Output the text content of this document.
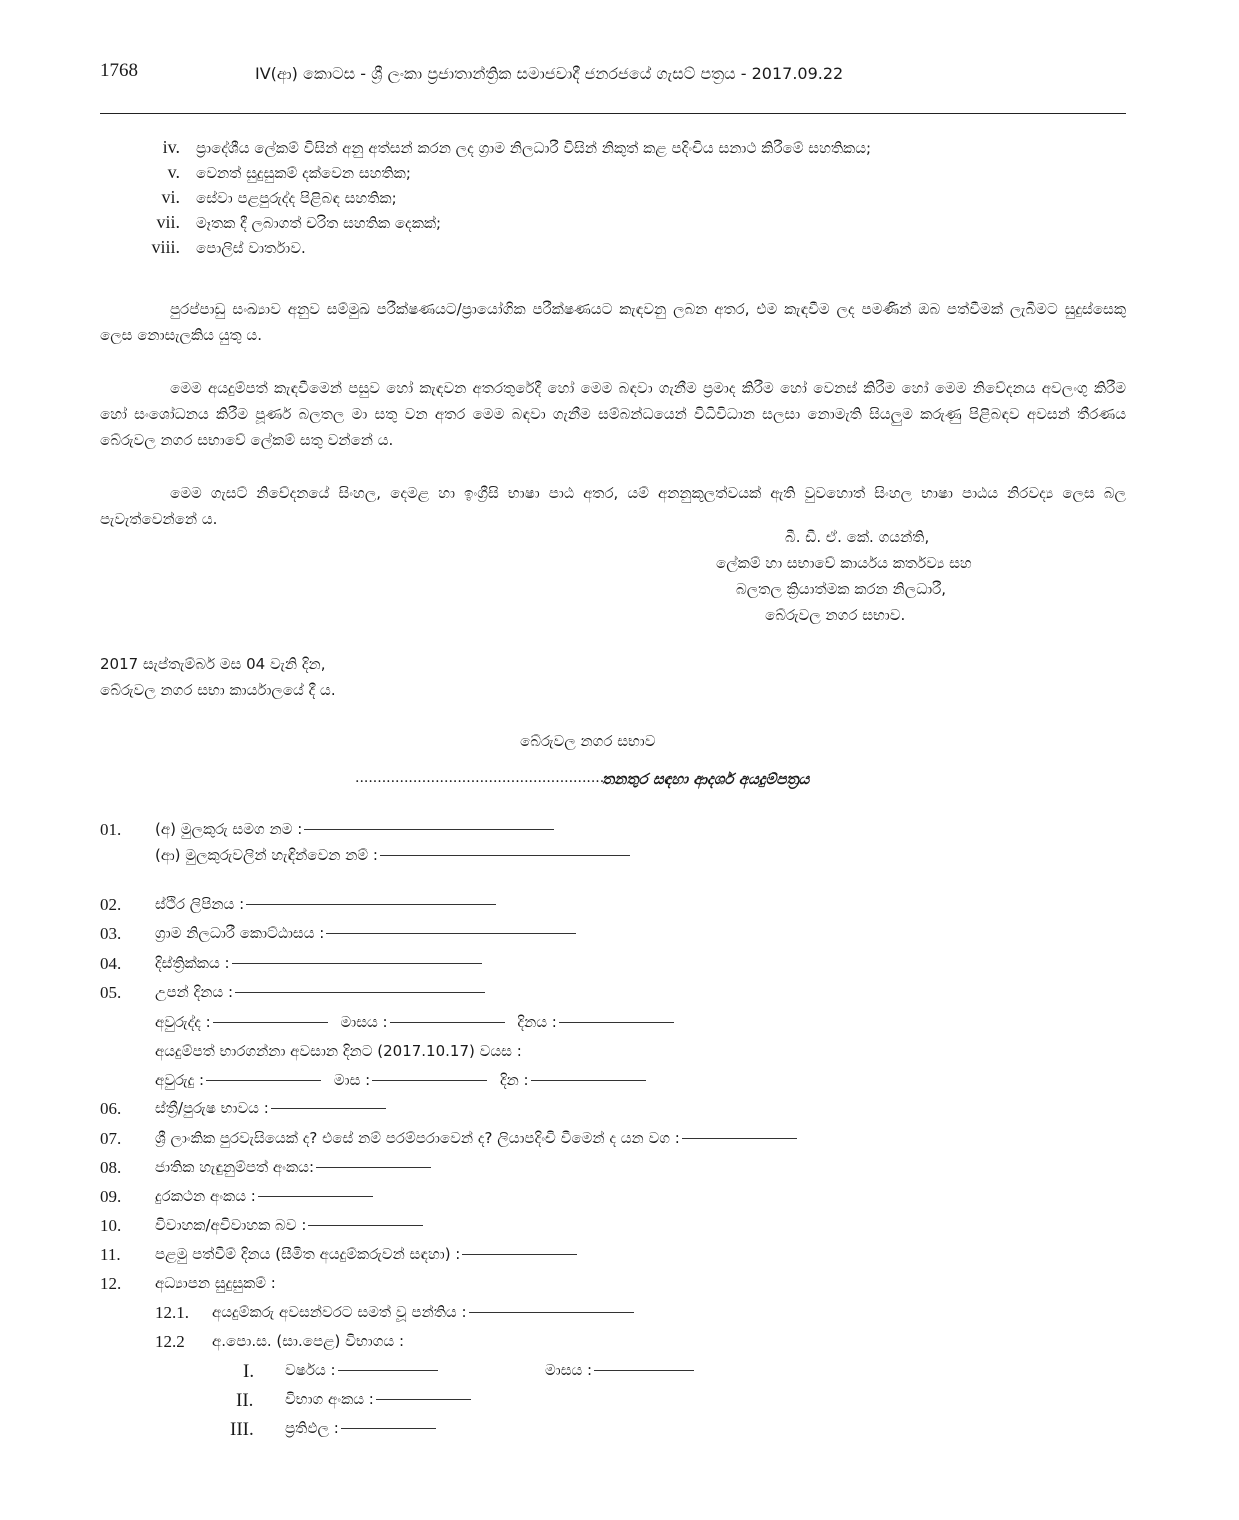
1768	IV(ආ) කොටස - ශ්‍රී ලංකා ප්‍රජාතාන්ත්‍රික සමාජවාදී ජනරජයේ ගැසට් පත්‍රය - 2017.09.22
iv. ප්‍රාදේශීය ලේකම් විසින් අනු අත්සන් කරන ලද ග්‍රාම නිලධාරී විසින් නිකුත් කළ පදිංචිය සනාථ කිරීමේ සහතිකය;
v. වෙනත් සුදුසුකම් දක්වෙන සහතික;
vi. සේවා පළපුරුද්ද පිළිබඳ සහතික;
vii. මෑතක දී ලබාගත් චරිත සහතික දෙකක්;
viii. පොලිස් වාර්තාව.
පුරප්පාඩු සංඛ්‍යාව අනුව සම්මුඛ පරීක්ෂණයට/ප්‍රායෝගික පරීක්ෂණයට කැඳවනු ලබන අතර, එම කැඳවීම ලද පමණින් ඔබ පත්වීමක් ලැබීමට සුදුස්සෙකු ලෙස නොසැලකිය යුතු ය.
මෙම අයදුම්පත් කැඳවීමෙන් පසුව හෝ කැඳවන අතරතුරේදී හෝ මෙම බඳවා ගැනීම ප්‍රමාද කිරීම හෝ වෙනස් කිරීම හෝ මෙම නිවේදනය අවලංගු කිරීම හෝ සංශෝධනය කිරීම පූර්ණ බලතල මා සතු වන අතර මෙම බඳවා ගැනීම සම්බන්ධයෙන් විධිවිධාන සලසා නොමැති සියලුම කරුණු පිළිබඳව අවසන් තීරණය බේරුවල නගර සභාවේ ලේකම් සතු වන්නේ ය.
මෙම ගැසට් නිවේදනයේ සිංහල, දෙමළ හා ඉංග්‍රීසි භාෂා පාඨ අතර, යම් අනනුකූලත්වයක් ඇති වුවහොත් සිංහල භාෂා පාඨය නිරවද්‍ය ලෙස බල පැවැත්වෙන්නේ ය.
බී. ඩී. ඒ. කේ. ගයන්ති,
ලේකම් හා සභාවේ කාර්යය කර්තව්‍ය සහ
බලතල ක්‍රියාත්මක කරන නිලධාරී,
බේරුවල නගර සභාව.
2017 සැප්තැම්බර් මස 04 වැනි දින,
බේරුවල නගර සභා කාර්යාලයේ දී ය.
බේරුවල නගර සභාව
........................................................
තනතුර සඳහා ආදර්ශ අයදුම්පත්‍රය
01. (අ) මුලකුරු සමග නම :
(ආ) මුලකුරුවලින් හැඳින්වෙන නම් :
02. ස්ථිර ලිපිනය :
03. ග්‍රාම නිලධාරී කොට්ඨාසය :
04. දිස්ත්‍රික්කය :
05. උපන් දිනය :
අවුරුද්ද :	මාසය :	දිනය :
අයදුම්පත් භාරගන්නා අවසාන දිනට (2017.10.17) වයස :
අවුරුදු :	මාස :	දින :
06. ස්ත්‍රී/පුරුෂ භාවය :
07. ශ්‍රී ලාංකික පුරවැසියෙක් ද? එසේ නම් පරම්පරාවෙන් ද? ලියාපදිංචි වීමෙන් ද යන වග :
08. ජාතික හැඳුනුම්පත් අංකය:
09. දුරකථන අංකය :
10. විවාහක/අවිවාහක බව :
11. පළමු පත්වීම් දිනය (සීමිත අයදුම්කරුවන් සඳහා) :
12. අධ්‍යාපන සුදුසුකම් :
12.1. අයදුම්කරු අවසන්වරට සමත් වූ පන්තිය :
12.2 අ.පො.ස. (සා.පෙළ) විභාගය :
I. වර්ෂය :	මාසය :
II. විභාග අංකය :
III. ප්‍රතිඵල :
